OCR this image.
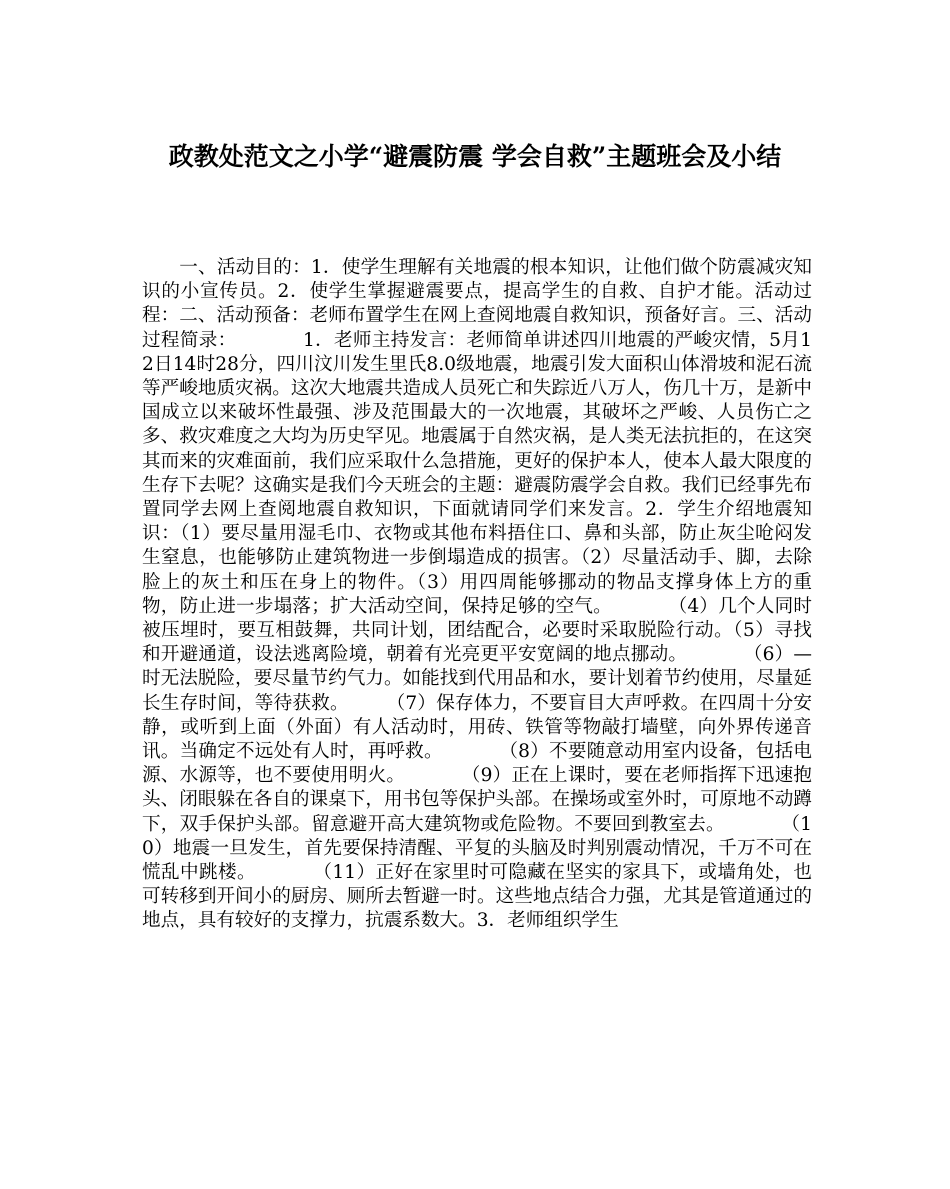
政教处范文之小学“避震防震 学会自救”主题班会及小结
一、活动目的：1．使学生理解有关地震的根本知识，让他们做个防震减灾知识的小宣传员。2．使学生掌握避震要点，提高学生的自救、自护才能。活动过程：二、活动预备：老师布置学生在网上查阅地震自救知识，预备好言。三、活动过程简录：　　　　1．老师主持发言：老师简单讲述四川地震的严峻灾情，5月12日14时28分，四川汶川发生里氏8.0级地震，地震引发大面积山体滑坡和泥石流等严峻地质灾祸。这次大地震共造成人员死亡和失踪近八万人，伤几十万，是新中国成立以来破坏性最强、涉及范围最大的一次地震，其破坏之严峻、人员伤亡之多、救灾难度之大均为历史罕见。地震属于自然灾祸，是人类无法抗拒的，在这突其而来的灾难面前，我们应采取什么急措施，更好的保护本人，使本人最大限度的生存下去呢？这确实是我们今天班会的主题：避震防震学会自救。我们已经事先布置同学去网上查阅地震自救知识，下面就请同学们来发言。2．学生介绍地震知识：（1）要尽量用湿毛巾、衣物或其他布料捂住口、鼻和头部，防止灰尘呛闷发生窒息，也能够防止建筑物进一步倒塌造成的损害。（2）尽量活动手、脚，去除脸上的灰土和压在身上的物件。（3）用四周能够挪动的物品支撑身体上方的重物，防止进一步塌落；扩大活动空间，保持足够的空气。　　　　（4）几个人同时被压埋时，要互相鼓舞，共同计划，团结配合，必要时采取脱险行动。（5）寻找和开避通道，设法逃离险境，朝着有光亮更平安宽阔的地点挪动。　　　　（6）—时无法脱险，要尽量节约气力。如能找到代用品和水，要计划着节约使用，尽量延长生存时间，等待获救。　　　（7）保存体力，不要盲目大声呼救。在四周十分安静，或听到上面（外面）有人活动时，用砖、铁管等物敲打墙壁，向外界传递音讯。当确定不远处有人时，再呼救。　　　　（8）不要随意动用室内设备，包括电源、水源等，也不要使用明火。　　　　（9）正在上课时，要在老师指挥下迅速抱头、闭眼躲在各自的课桌下，用书包等保护头部。在操场或室外时，可原地不动蹲下，双手保护头部。留意避开高大建筑物或危险物。不要回到教室去。　　　　（10）地震一旦发生，首先要保持清醒、平复的头脑及时判别震动情况，千万不可在慌乱中跳楼。　　　　（11）正好在家里时可隐藏在坚实的家具下，或墙角处，也可转移到开间小的厨房、厕所去暂避一时。这些地点结合力强，尤其是管道通过的地点，具有较好的支撑力，抗震系数大。3．老师组织学生
